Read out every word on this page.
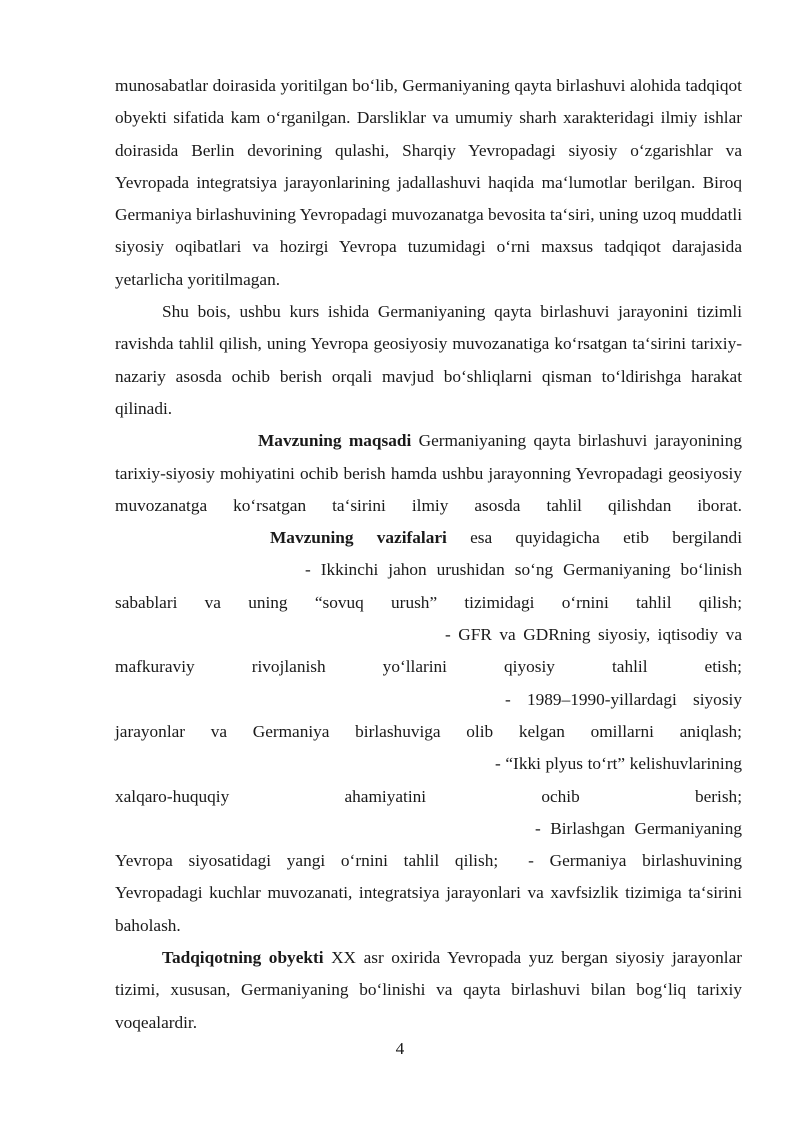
munosabatlar doirasida yoritilgan boʻlib, Germaniyaning qayta birlashuvi alohida tadqiqot obyekti sifatida kam oʻrganilgan. Darsliklar va umumiy sharh xarakteridagi ilmiy ishlar doirasida Berlin devorining qulashi, Sharqiy Yevropadagi siyosiy oʻzgarishlar va Yevropada integratsiya jarayonlarining jadallashuvi haqida maʻlumotlar berilgan. Biroq Germaniya birlashuvining Yevropadagi muvozanatga bevosita taʻsiri, uning uzoq muddatli siyosiy oqibatlari va hozirgi Yevropa tuzumidagi oʻrni maxsus tadqiqot darajasida yetarlicha yoritilmagan.

Shu bois, ushbu kurs ishida Germaniyaning qayta birlashuvi jarayonini tizimli ravishda tahlil qilish, uning Yevropa geosiyosiy muvozanatiga koʻrsatgan taʻsirini tarixiy-nazariy asosda ochib berish orqali mavjud boʻshliqlarni qisman toʻldirishga harakat qilinadi.

Mavzuning maqsadi Germaniyaning qayta birlashuvi jarayonining tarixiy-siyosiy mohiyatini ochib berish hamda ushbu jarayonning Yevropadagi geosiyosiy muvozanatga koʻrsatgan taʻsirini ilmiy asosda tahlil qilishdan iborat.Mavzuning vazifalari esa quyidagicha etib bergilandi- Ikkinchi jahon urushidan soʻng Germaniyaning boʻlinish sabablari va uning “sovuq urush” tizimidagi oʻrnini tahlil qilish;- GFR va GDRning siyosiy, iqtisodiy va mafkuraviy rivojlanish yoʻllarini qiyosiy tahlil etish;- 1989–1990-yillardagi siyosiy jarayonlar va Germaniya birlashuviga olib kelgan omillarni aniqlash;- “Ikki plyus toʻrt” kelishuvlarining xalqaro-huquqiy ahamiyatini ochib berish;- Birlashgan Germaniyaning Yevropa siyosatidagi yangi oʻrnini tahlil qilish; - Germaniya birlashuvining Yevropadagi kuchlar muvozanati, integratsiya jarayonlari va xavfsizlik tizimiga taʻsirini baholash.

Tadqiqotning obyekti XX asr oxirida Yevropada yuz bergan siyosiy jarayonlar tizimi, xususan, Germaniyaning boʻlinishi va qayta birlashuvi bilan bogʻliq tarixiy voqealardir.

4
